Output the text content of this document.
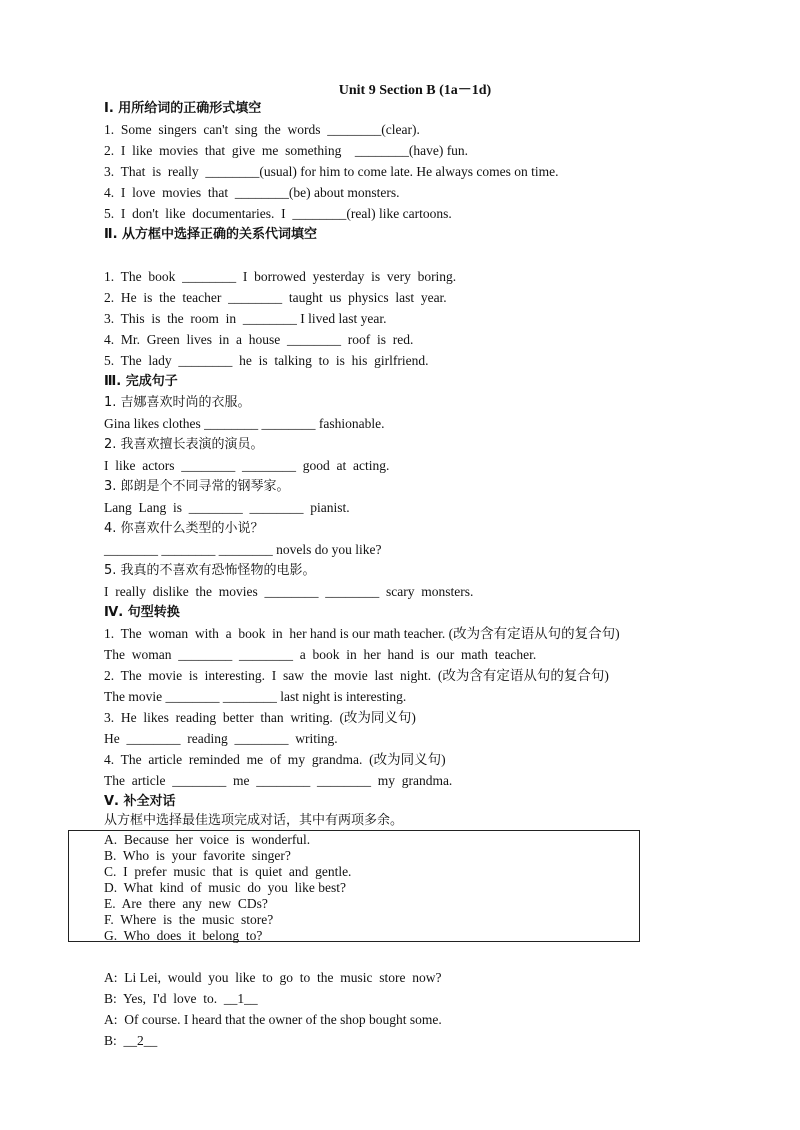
Unit 9 Section B (1a－1d)
Ⅰ. 用所给词的正确形式填空
1.  Some  singers  can't  sing  the  words  ________(clear).
2.  I  like  movies  that  give  me  something    ________(have) fun.
3.  That  is  really  ________(usual) for him to come late. He always comes on time.
4.  I  love  movies  that  ________(be) about monsters.
5.  I  don't  like  documentaries.  I  ________(real) like cartoons.
Ⅱ. 从方框中选择正确的关系代词填空
1.  The  book  ________  I  borrowed  yesterday  is  very  boring.
2.  He  is  the  teacher  ________  taught  us  physics  last  year.
3.  This  is  the  room  in  ________ I lived last year.
4.  Mr.  Green  lives  in  a  house  ________  roof  is  red.
5.  The  lady  ________  he  is  talking  to  is  his  girlfriend.
Ⅲ. 完成句子
1. 吉娜喜欢时尚的衣服。
Gina likes clothes ________ ________ fashionable.
2. 我喜欢擅长表演的演员。
I  like  actors  ________  ________  good  at  acting.
3. 郎朗是个不同寻常的钢琴家。
Lang  Lang  is  ________  ________  pianist.
4. 你喜欢什么类型的小说？
________ ________ ________ novels do you like?
5. 我真的不喜欢有恐怖怪物的电影。
I  really  dislike  the  movies  ________  ________  scary  monsters.
Ⅳ. 句型转换
1.  The  woman  with  a  book  in  her hand is our math teacher. (改为含有定语从句的复合句)
The  woman  ________  ________  a  book  in  her  hand  is  our  math  teacher.
2.  The  movie  is  interesting.  I  saw  the  movie  last  night.  (改为含有定语从句的复合句)
The movie ________ ________ last night is interesting.
3.  He  likes  reading  better  than  writing.  (改为同义句)
He  ________  reading  ________  writing.
4.  The  article  reminded  me  of  my  grandma.  (改为同义句)
The  article  ________  me  ________  ________  my  grandma.
Ⅴ. 补全对话
从方框中选择最佳选项完成对话，其中有两项多余。
A.  Because  her  voice  is  wonderful.
B.  Who  is  your  favorite  singer?
C.  I  prefer  music  that  is  quiet  and  gentle.
D.  What  kind  of  music  do  you  like best?
E.  Are  there  any  new  CDs?
F.  Where  is  the  music  store?
G.  Who  does  it  belong  to?
A:  Li Lei,  would  you  like  to  go  to  the  music  store  now?
B:  Yes,  I'd  love  to.  __1__
A:  Of course. I heard that the owner of the shop bought some.
B:  __2__
